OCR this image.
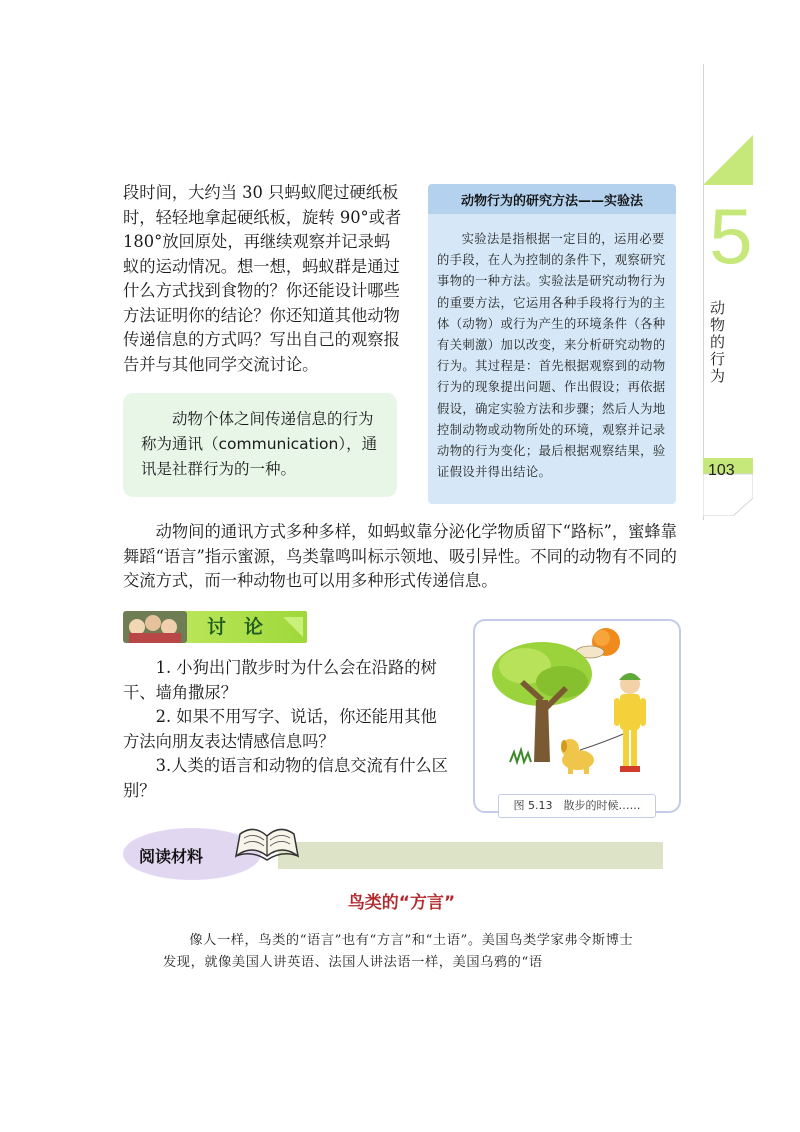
5
动
物
的
行
为
103
段时间，大约当 30 只蚂蚁爬过硬纸板时，轻轻地拿起硬纸板，旋转 90°或者 180°放回原处，再继续观察并记录蚂蚁的运动情况。想一想，蚂蚁群是通过什么方式找到食物的？你还能设计哪些方法证明你的结论？你还知道其他动物传递信息的方式吗？写出自己的观察报告并与其他同学交流讨论。
动物个体之间传递信息的行为称为通讯（communication），通讯是社群行为的一种。
动物行为的研究方法——实验法
实验法是指根据一定目的，运用必要的手段，在人为控制的条件下，观察研究事物的一种方法。实验法是研究动物行为的重要方法，它运用各种手段将行为的主体（动物）或行为产生的环境条件（各种有关刺激）加以改变，来分析研究动物的行为。其过程是：首先根据观察到的动物行为的现象提出问题、作出假设；再依据假设，确定实验方法和步骤；然后人为地控制动物或动物所处的环境，观察并记录动物的行为变化；最后根据观察结果，验证假设并得出结论。
动物间的通讯方式多种多样，如蚂蚁靠分泌化学物质留下“路标”，蜜蜂靠舞蹈“语言”指示蜜源，鸟类靠鸣叫标示领地、吸引异性。不同的动物有不同的交流方式，而一种动物也可以用多种形式传递信息。
讨论

1. 小狗出门散步时为什么会在沿路的树干、墙角撒尿？

2. 如果不用写字、说话，你还能用其他方法向朋友表达情感信息吗？

3.人类的语言和动物的信息交流有什么区别？

图 5.13　散步的时候……
阅读材料
鸟类的“方言”
像人一样，鸟类的“语言”也有“方言”和“土语”。美国鸟类学家弗令斯博士发现，就像美国人讲英语、法国人讲法语一样，美国乌鸦的“语
